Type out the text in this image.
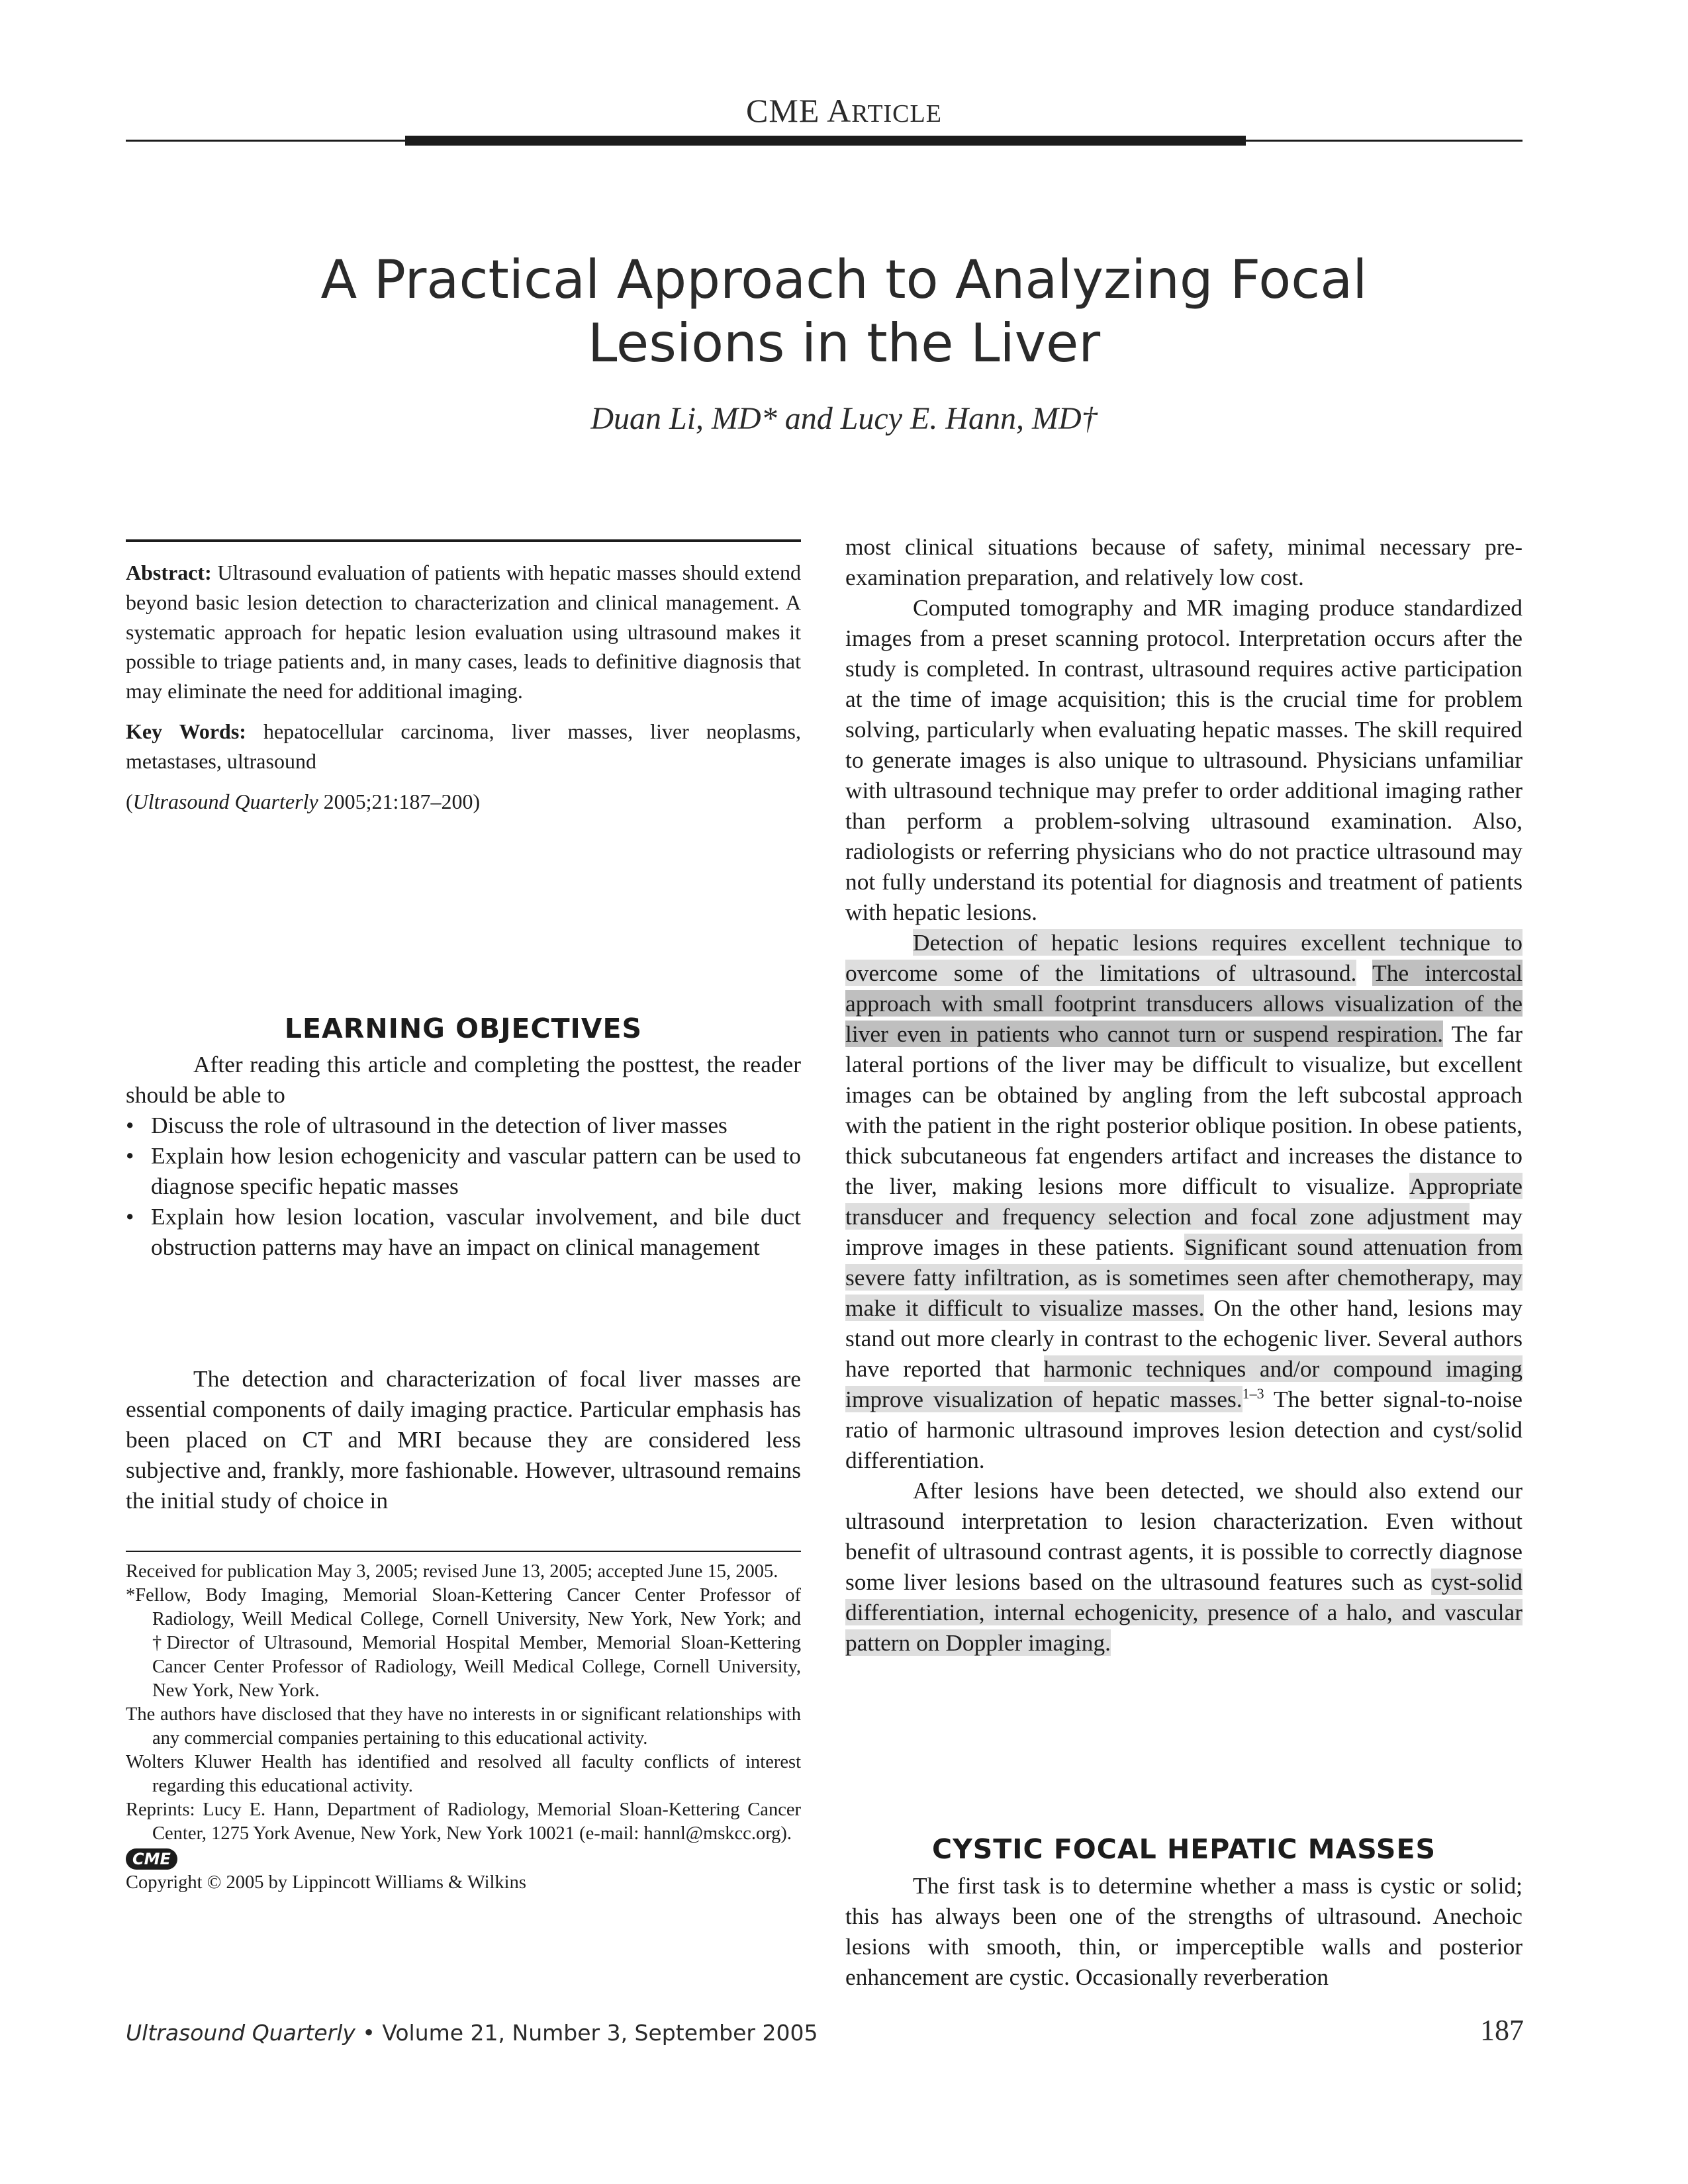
CME ARTICLE
A Practical Approach to Analyzing Focal
Lesions in the Liver
Duan Li, MD* and Lucy E. Hann, MD†

Abstract: Ultrasound evaluation of patients with hepatic masses should extend beyond basic lesion detection to characterization and clinical management. A systematic approach for hepatic lesion evaluation using ultrasound makes it possible to triage patients and, in many cases, leads to definitive diagnosis that may eliminate the need for additional imaging.

Key Words: hepatocellular carcinoma, liver masses, liver neoplasms, metastases, ultrasound

(Ultrasound Quarterly 2005;21:187–200)

LEARNING OBJECTIVES

After reading this article and completing the posttest, the reader should be able to

• Discuss the role of ultrasound in the detection of liver masses
• Explain how lesion echogenicity and vascular pattern can be used to diagnose specific hepatic masses
• Explain how lesion location, vascular involvement, and bile duct obstruction patterns may have an impact on clinical management

The detection and characterization of focal liver masses are essential components of daily imaging practice. Particular emphasis has been placed on CT and MRI because they are considered less subjective and, frankly, more fashionable. However, ultrasound remains the initial study of choice in

Received for publication May 3, 2005; revised June 13, 2005; accepted June 15, 2005.

*Fellow, Body Imaging, Memorial Sloan-Kettering Cancer Center Professor of Radiology, Weill Medical College, Cornell University, New York, New York; and †Director of Ultrasound, Memorial Hospital Member, Memorial Sloan-Kettering Cancer Center Professor of Radiology, Weill Medical College, Cornell University, New York, New York.

The authors have disclosed that they have no interests in or significant relationships with any commercial companies pertaining to this educational activity.

Wolters Kluwer Health has identified and resolved all faculty conflicts of interest regarding this educational activity.

Reprints: Lucy E. Hann, Department of Radiology, Memorial Sloan-Kettering Cancer Center, 1275 York Avenue, New York, New York 10021 (e-mail: hannl@mskcc.org).

CME

Copyright © 2005 by Lippincott Williams & Wilkins

most clinical situations because of safety, minimal necessary pre-examination preparation, and relatively low cost.

Computed tomography and MR imaging produce standardized images from a preset scanning protocol. Interpretation occurs after the study is completed. In contrast, ultrasound requires active participation at the time of image acquisition; this is the crucial time for problem solving, particularly when evaluating hepatic masses. The skill required to generate images is also unique to ultrasound. Physicians unfamiliar with ultrasound technique may prefer to order additional imaging rather than perform a problem-solving ultrasound examination. Also, radiologists or referring physicians who do not practice ultrasound may not fully understand its potential for diagnosis and treatment of patients with hepatic lesions.

Detection of hepatic lesions requires excellent technique to overcome some of the limitations of ultrasound. The intercostal approach with small footprint transducers allows visualization of the liver even in patients who cannot turn or suspend respiration. The far lateral portions of the liver may be difficult to visualize, but excellent images can be obtained by angling from the left subcostal approach with the patient in the right posterior oblique position. In obese patients, thick subcutaneous fat engenders artifact and increases the distance to the liver, making lesions more difficult to visualize. Appropriate transducer and frequency selection and focal zone adjustment may improve images in these patients. Significant sound attenuation from severe fatty infiltration, as is sometimes seen after chemotherapy, may make it difficult to visualize masses. On the other hand, lesions may stand out more clearly in contrast to the echogenic liver. Several authors have reported that harmonic techniques and/or compound imaging improve visualization of hepatic masses.$^{1-3}$ The better signal-to-noise ratio of harmonic ultrasound improves lesion detection and cyst/solid differentiation.

After lesions have been detected, we should also extend our ultrasound interpretation to lesion characterization. Even without benefit of ultrasound contrast agents, it is possible to correctly diagnose some liver lesions based on the ultrasound features such as cyst-solid differentiation, internal echogenicity, presence of a halo, and vascular pattern on Doppler imaging.

CYSTIC FOCAL HEPATIC MASSES

The first task is to determine whether a mass is cystic or solid; this has always been one of the strengths of ultrasound. Anechoic lesions with smooth, thin, or imperceptible walls and posterior enhancement are cystic. Occasionally reverberation

Ultrasound Quarterly • Volume 21, Number 3, September 2005	187
